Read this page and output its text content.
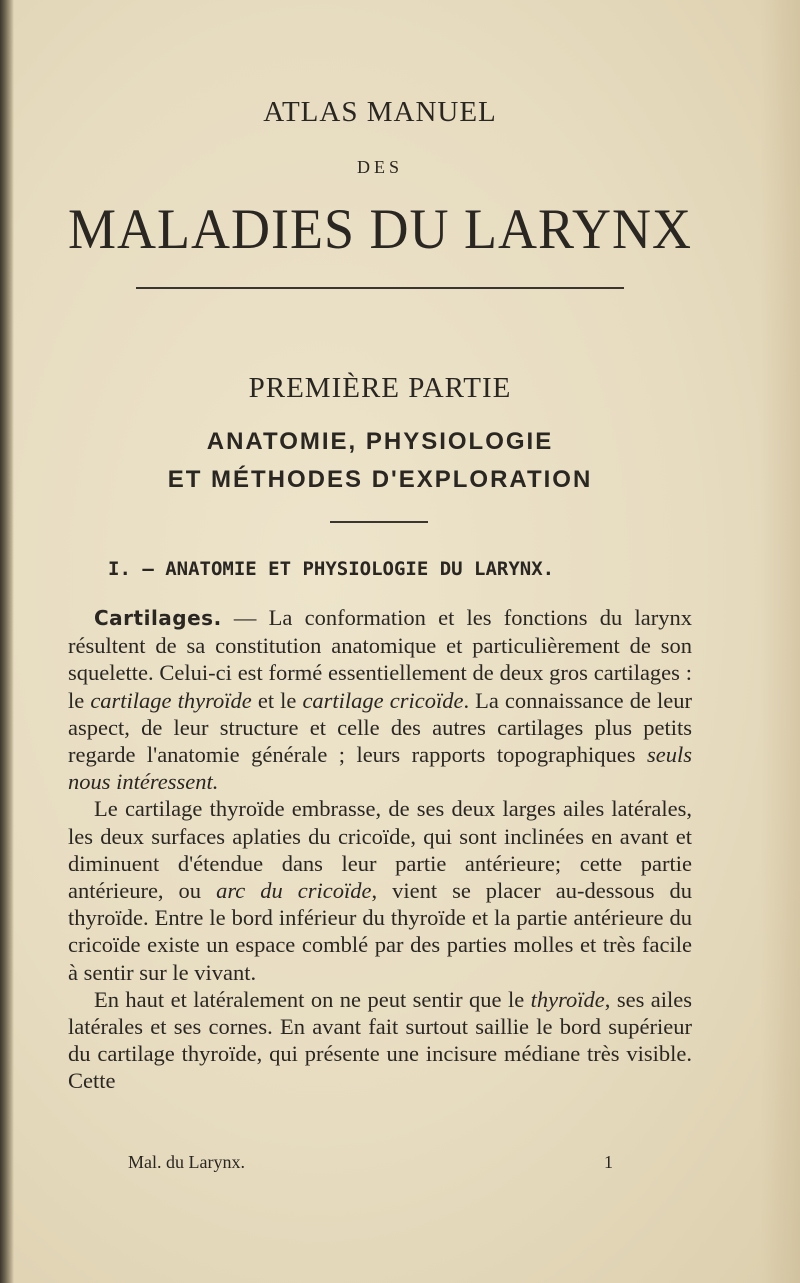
ATLAS MANUEL
DES
MALADIES DU LARYNX
PREMIÈRE PARTIE
ANATOMIE, PHYSIOLOGIE
ET MÉTHODES D'EXPLORATION
I. — ANATOMIE ET PHYSIOLOGIE DU LARYNX.

Cartilages. — La conformation et les fonctions du larynx résultent de sa constitution anatomique et particulièrement de son squelette. Celui-ci est formé essentiellement de deux gros cartilages : le cartilage thyroïde et le cartilage cricoïde. La connaissance de leur aspect, de leur structure et celle des autres cartilages plus petits regarde l'anatomie générale ; leurs rapports topographiques seuls nous intéressent.

Le cartilage thyroïde embrasse, de ses deux larges ailes latérales, les deux surfaces aplaties du cricoïde, qui sont inclinées en avant et diminuent d'étendue dans leur partie antérieure; cette partie antérieure, ou arc du cricoïde, vient se placer au-dessous du thyroïde. Entre le bord inférieur du thyroïde et la partie antérieure du cricoïde existe un espace comblé par des parties molles et très facile à sentir sur le vivant.

En haut et latéralement on ne peut sentir que le thyroïde, ses ailes latérales et ses cornes. En avant fait surtout saillie le bord supérieur du cartilage thyroïde, qui présente une incisure médiane très visible. Cette

Mal. du Larynx.	1
